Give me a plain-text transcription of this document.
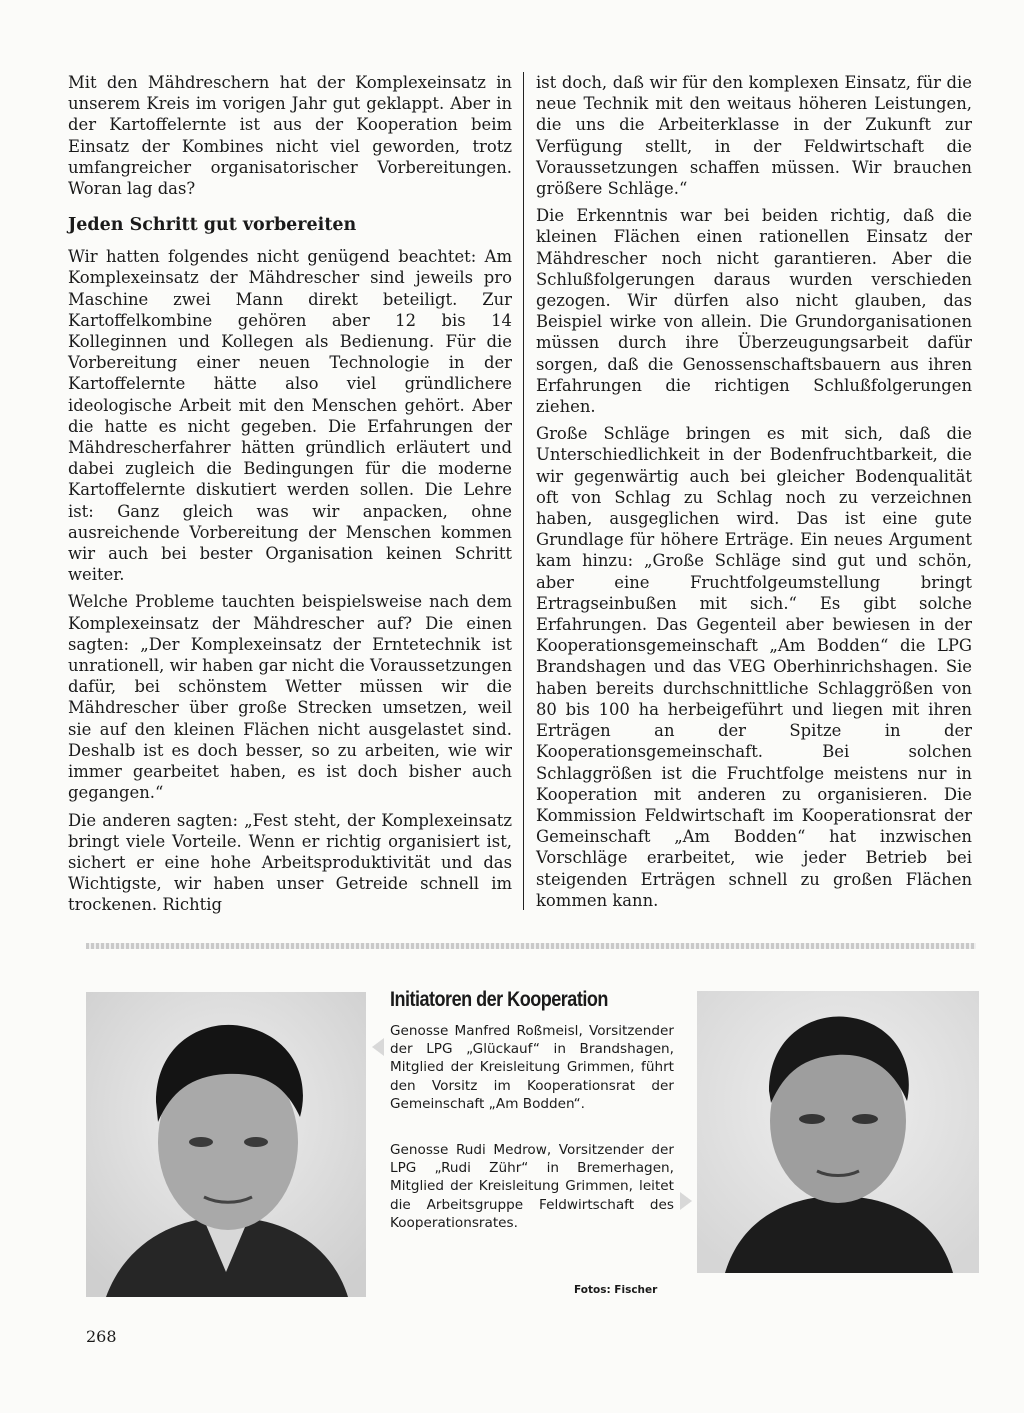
Mit den Mähdreschern hat der Komplexeinsatz in unserem Kreis im vorigen Jahr gut geklappt. Aber in der Kartoffelernte ist aus der Kooperation beim Einsatz der Kombines nicht viel geworden, trotz umfangreicher organisatorischer Vorbereitungen. Woran lag das?

Jeden Schritt gut vorbereiten

Wir hatten folgendes nicht genügend beachtet: Am Komplexeinsatz der Mähdrescher sind jeweils pro Maschine zwei Mann direkt beteiligt. Zur Kartoffelkombine gehören aber 12 bis 14 Kolleginnen und Kollegen als Bedienung. Für die Vorbereitung einer neuen Technologie in der Kartoffelernte hätte also viel gründlichere ideologische Arbeit mit den Menschen gehört. Aber die hatte es nicht gegeben. Die Erfahrungen der Mähdrescherfahrer hätten gründlich erläutert und dabei zugleich die Bedingungen für die moderne Kartoffelernte diskutiert werden sollen. Die Lehre ist: Ganz gleich was wir anpacken, ohne ausreichende Vorbereitung der Menschen kommen wir auch bei bester Organisation keinen Schritt weiter.

Welche Probleme tauchten beispielsweise nach dem Komplexeinsatz der Mähdrescher auf? Die einen sagten: „Der Komplexeinsatz der Erntetechnik ist unrationell, wir haben gar nicht die Voraussetzungen dafür, bei schönstem Wetter müssen wir die Mähdrescher über große Strecken umsetzen, weil sie auf den kleinen Flächen nicht ausgelastet sind. Deshalb ist es doch besser, so zu arbeiten, wie wir immer gearbeitet haben, es ist doch bisher auch gegangen.“

Die anderen sagten: „Fest steht, der Komplexeinsatz bringt viele Vorteile. Wenn er richtig organisiert ist, sichert er eine hohe Arbeitsproduktivität und das Wichtigste, wir haben unser Getreide schnell im trockenen. Richtig

ist doch, daß wir für den komplexen Einsatz, für die neue Technik mit den weitaus höheren Leistungen, die uns die Arbeiterklasse in der Zukunft zur Verfügung stellt, in der Feldwirtschaft die Voraussetzungen schaffen müssen. Wir brauchen größere Schläge.“

Die Erkenntnis war bei beiden richtig, daß die kleinen Flächen einen rationellen Einsatz der Mähdrescher noch nicht garantieren. Aber die Schlußfolgerungen daraus wurden verschieden gezogen. Wir dürfen also nicht glauben, das Beispiel wirke von allein. Die Grundorganisationen müssen durch ihre Überzeugungsarbeit dafür sorgen, daß die Genossenschaftsbauern aus ihren Erfahrungen die richtigen Schlußfolgerungen ziehen.

Große Schläge bringen es mit sich, daß die Unterschiedlichkeit in der Bodenfruchtbarkeit, die wir gegenwärtig auch bei gleicher Bodenqualität oft von Schlag zu Schlag noch zu verzeichnen haben, ausgeglichen wird. Das ist eine gute Grundlage für höhere Erträge. Ein neues Argument kam hinzu: „Große Schläge sind gut und schön, aber eine Fruchtfolgeumstellung bringt Ertragseinbußen mit sich.“ Es gibt solche Erfahrungen. Das Gegenteil aber bewiesen in der Kooperationsgemeinschaft „Am Bodden“ die LPG Brandshagen und das VEG Oberhinrichshagen. Sie haben bereits durchschnittliche Schlaggrößen von 80 bis 100 ha herbeigeführt und liegen mit ihren Erträgen an der Spitze in der Kooperationsgemeinschaft. Bei solchen Schlaggrößen ist die Fruchtfolge meistens nur in Kooperation mit anderen zu organisieren. Die Kommission Feldwirtschaft im Kooperationsrat der Gemeinschaft „Am Bodden“ hat inzwischen Vorschläge erarbeitet, wie jeder Betrieb bei steigenden Erträgen schnell zu großen Flächen kommen kann.

Initiatoren der Kooperation

Genosse Manfred Roßmeisl, Vorsitzender der LPG „Glückauf“ in Brandshagen, Mitglied der Kreisleitung Grimmen, führt den Vorsitz im Kooperationsrat der Gemeinschaft „Am Bodden“.

Genosse Rudi Medrow, Vorsitzender der LPG „Rudi Zühr“ in Bremerhagen, Mitglied der Kreisleitung Grimmen, leitet die Arbeitsgruppe Feldwirtschaft des Kooperationsrates.

Fotos: Fischer
268
